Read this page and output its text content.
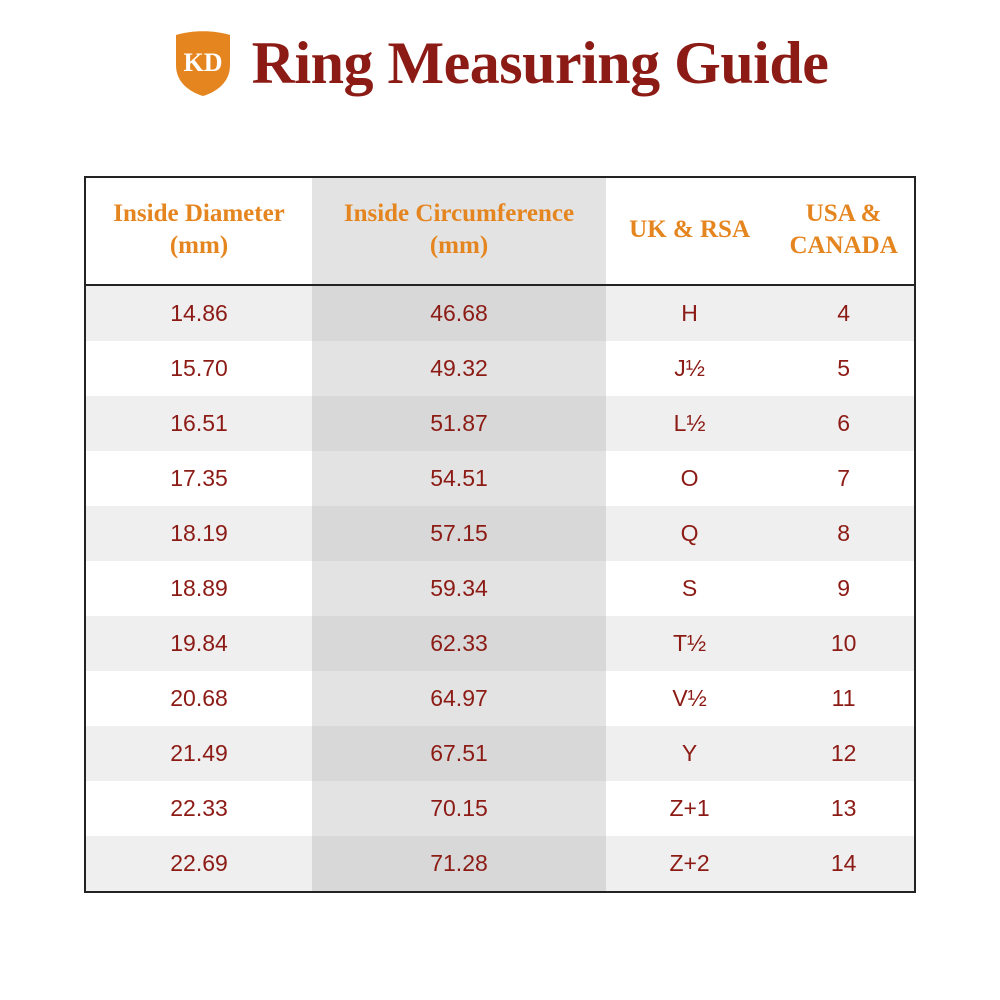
KD Ring Measuring Guide
Inside Diameter (mm)	Inside Circumference (mm)	UK & RSA	USA & CANADA
14.86	46.68	H	4
15.70	49.32	J½	5
16.51	51.87	L½	6
17.35	54.51	O	7
18.19	57.15	Q	8
18.89	59.34	S	9
19.84	62.33	T½	10
20.68	64.97	V½	11
21.49	67.51	Y	12
22.33	70.15	Z+1	13
22.69	71.28	Z+2	14
